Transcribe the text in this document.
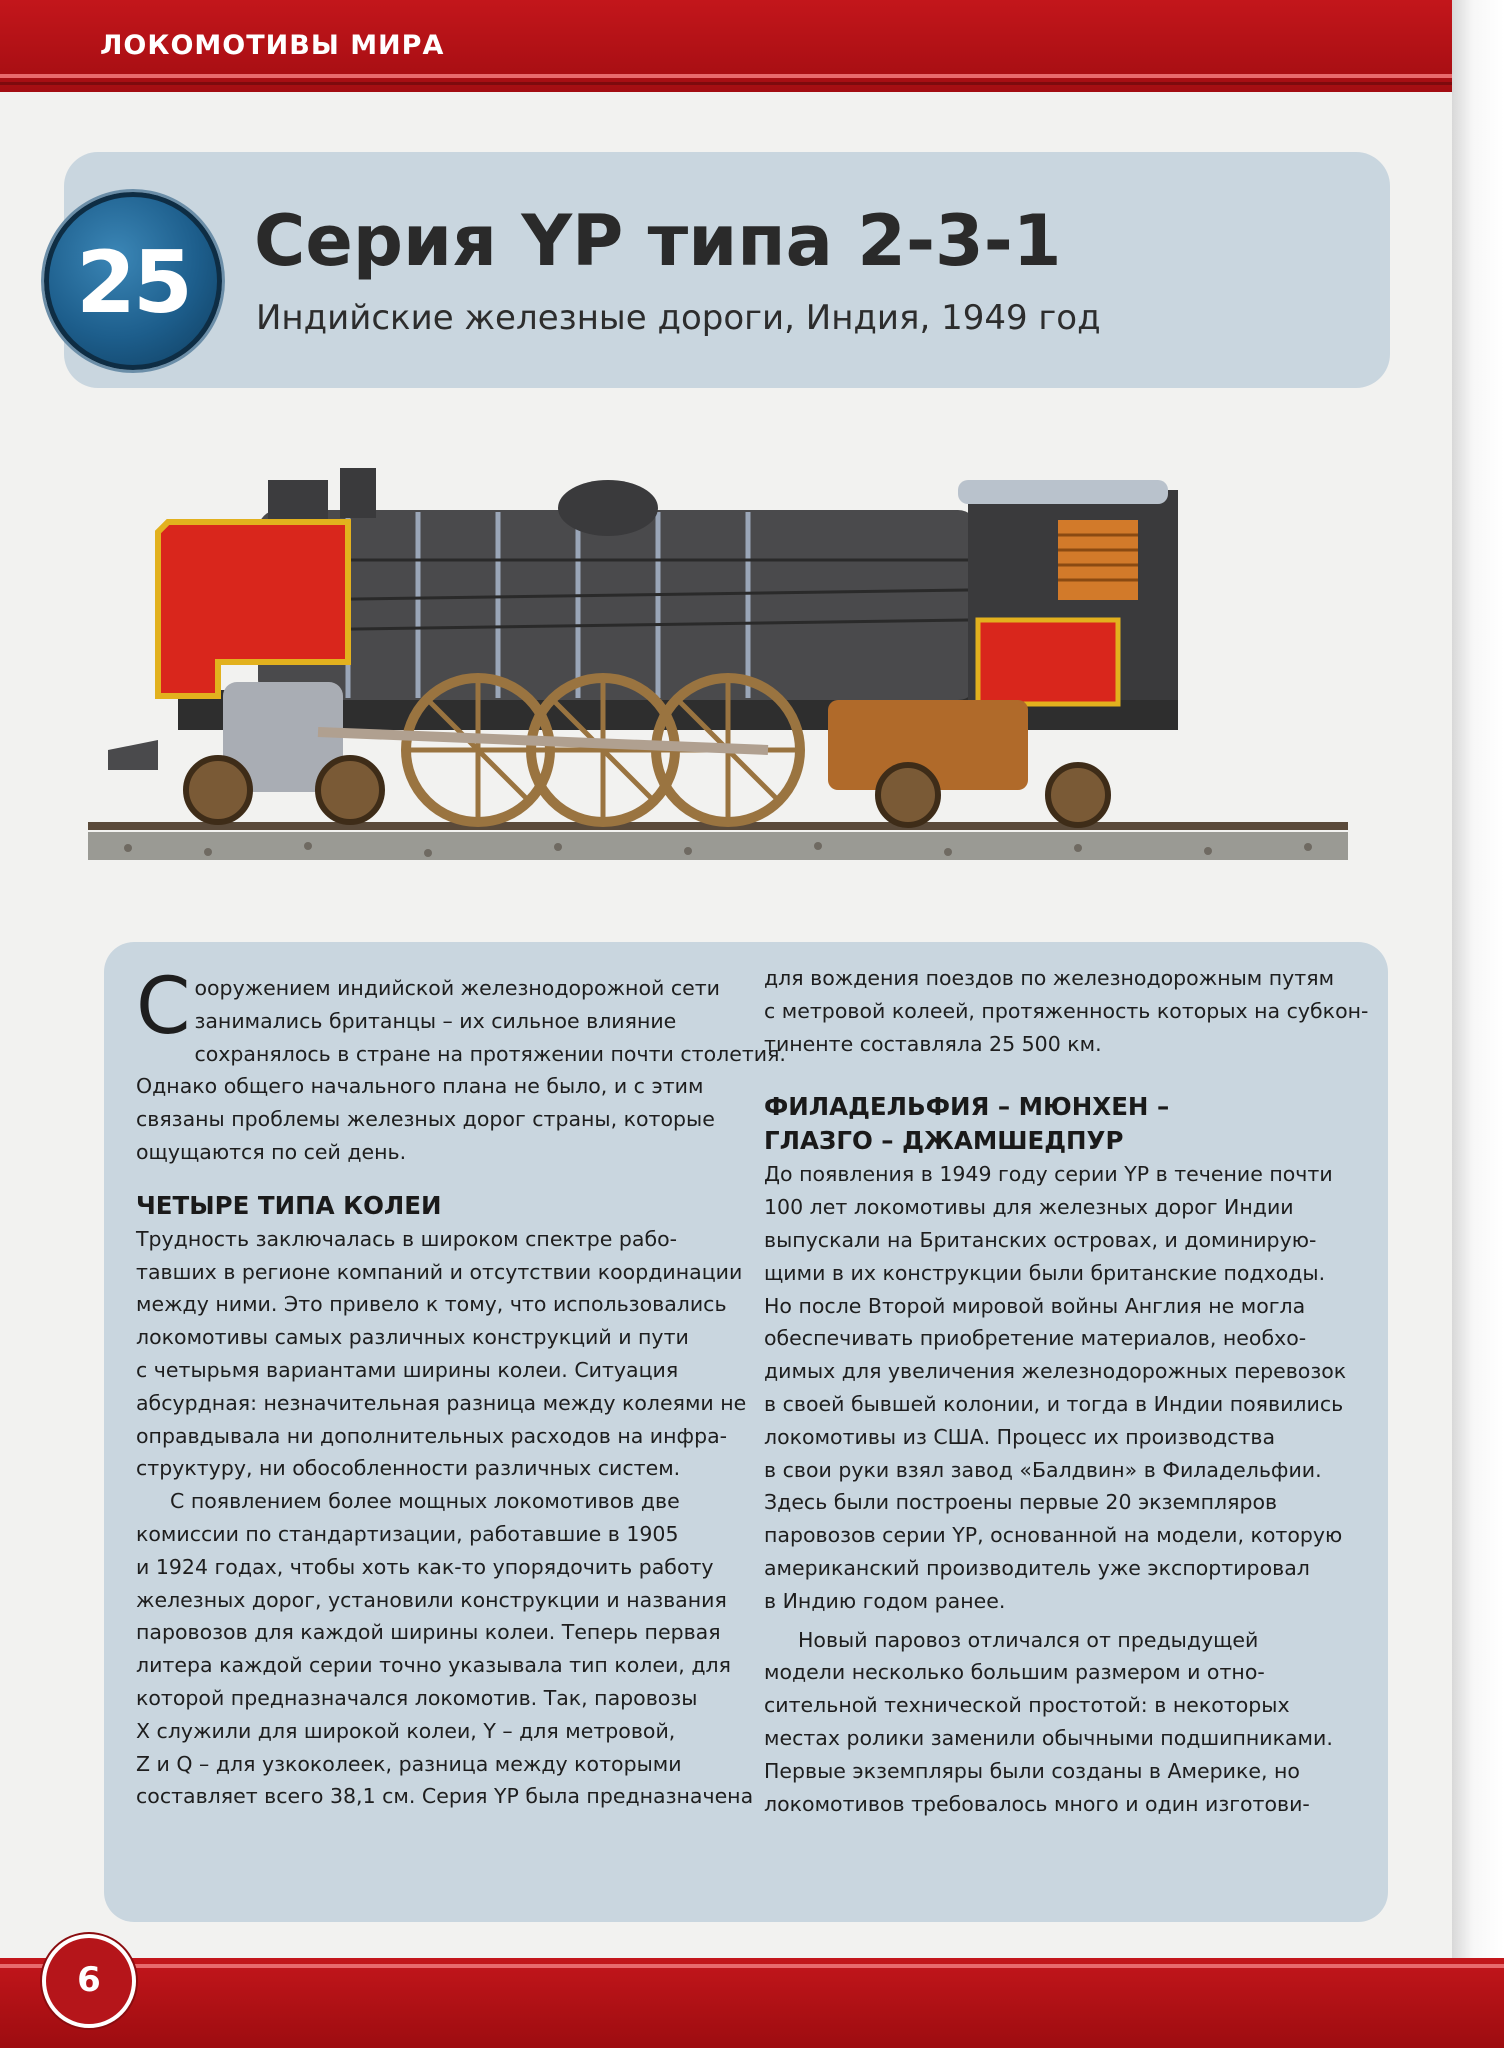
ЛОКОМОТИВЫ МИРА
25 Серия YP типа 2-3-1
Индийские железные дороги, Индия, 1949 год
С ооружением индийской железнодорожной сети
занимались британцы – их сильное влияние
сохранялось в стране на протяжении почти столетия.
Однако общего начального плана не было, и с этим
связаны проблемы железных дорог страны, которые
ощущаются по сей день.
ЧЕТЫРЕ ТИПА КОЛЕИ
Трудность заключалась в широком спектре рабо-
тавших в регионе компаний и отсутствии координации
между ними. Это привело к тому, что использовались
локомотивы самых различных конструкций и пути
с четырьмя вариантами ширины колеи. Ситуация
абсурдная: незначительная разница между колеями не
оправдывала ни дополнительных расходов на инфра-
структуру, ни обособленности различных систем.
С появлением более мощных локомотивов две
комиссии по стандартизации, работавшие в 1905
и 1924 годах, чтобы хоть как-то упорядочить работу
железных дорог, установили конструкции и названия
паровозов для каждой ширины колеи. Теперь первая
литера каждой серии точно указывала тип колеи, для
которой предназначался локомотив. Так, паровозы
X служили для широкой колеи, Y – для метровой,
Z и Q – для узкоколеек, разница между которыми
составляет всего 38,1 см. Серия YP была предназначена
для вождения поездов по железнодорожным путям
с метровой колеей, протяженность которых на субкон-
тиненте составляла 25 500 км.
ФИЛАДЕЛЬФИЯ – МЮНХЕН –
ГЛАЗГО – ДЖАМШЕДПУР
До появления в 1949 году серии YP в течение почти
100 лет локомотивы для железных дорог Индии
выпускали на Британских островах, и доминирую-
щими в их конструкции были британские подходы.
Но после Второй мировой войны Англия не могла
обеспечивать приобретение материалов, необхо-
димых для увеличения железнодорожных перевозок
в своей бывшей колонии, и тогда в Индии появились
локомотивы из США. Процесс их производства
в свои руки взял завод «Балдвин» в Филадельфии.
Здесь были построены первые 20 экземпляров
паровозов серии YP, основанной на модели, которую
американский производитель уже экспортировал
в Индию годом ранее.
Новый паровоз отличался от предыдущей
модели несколько большим размером и отно-
сительной технической простотой: в некоторых
местах ролики заменили обычными подшипниками.
Первые экземпляры были созданы в Америке, но
локомотивов требовалось много и один изготови-
6
